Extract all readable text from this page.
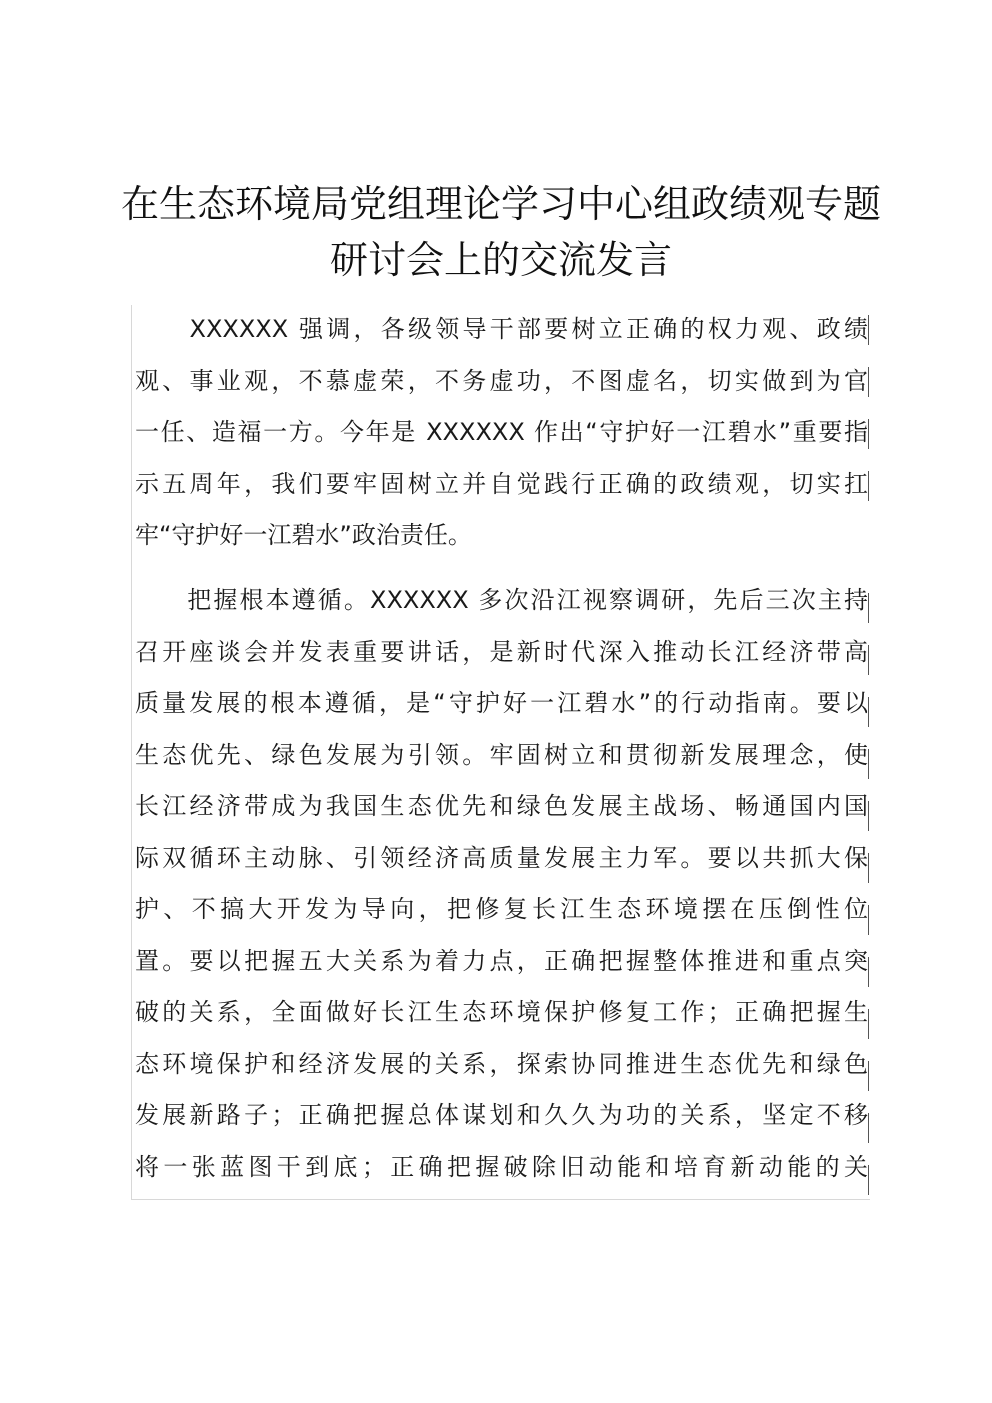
在生态环境局党组理论学习中心组政绩观专题
研讨会上的交流发言
　　XXXXXX 强调，各级领导干部要树立正确的权力观、政绩
观、事业观，不慕虚荣，不务虚功，不图虚名，切实做到为官
一任、造福一方。今年是 XXXXXX 作出“守护好一江碧水”重要指
示五周年，我们要牢固树立并自觉践行正确的政绩观，切实扛
牢“守护好一江碧水”政治责任。
　　把握根本遵循。XXXXXX 多次沿江视察调研，先后三次主持
召开座谈会并发表重要讲话，是新时代深入推动长江经济带高
质量发展的根本遵循，是“守护好一江碧水”的行动指南。要以
生态优先、绿色发展为引领。牢固树立和贯彻新发展理念，使
长江经济带成为我国生态优先和绿色发展主战场、畅通国内国
际双循环主动脉、引领经济高质量发展主力军。要以共抓大保
护、不搞大开发为导向，把修复长江生态环境摆在压倒性位
置。要以把握五大关系为着力点，正确把握整体推进和重点突
破的关系，全面做好长江生态环境保护修复工作；正确把握生
态环境保护和经济发展的关系，探索协同推进生态优先和绿色
发展新路子；正确把握总体谋划和久久为功的关系，坚定不移
将一张蓝图干到底；正确把握破除旧动能和培育新动能的关
